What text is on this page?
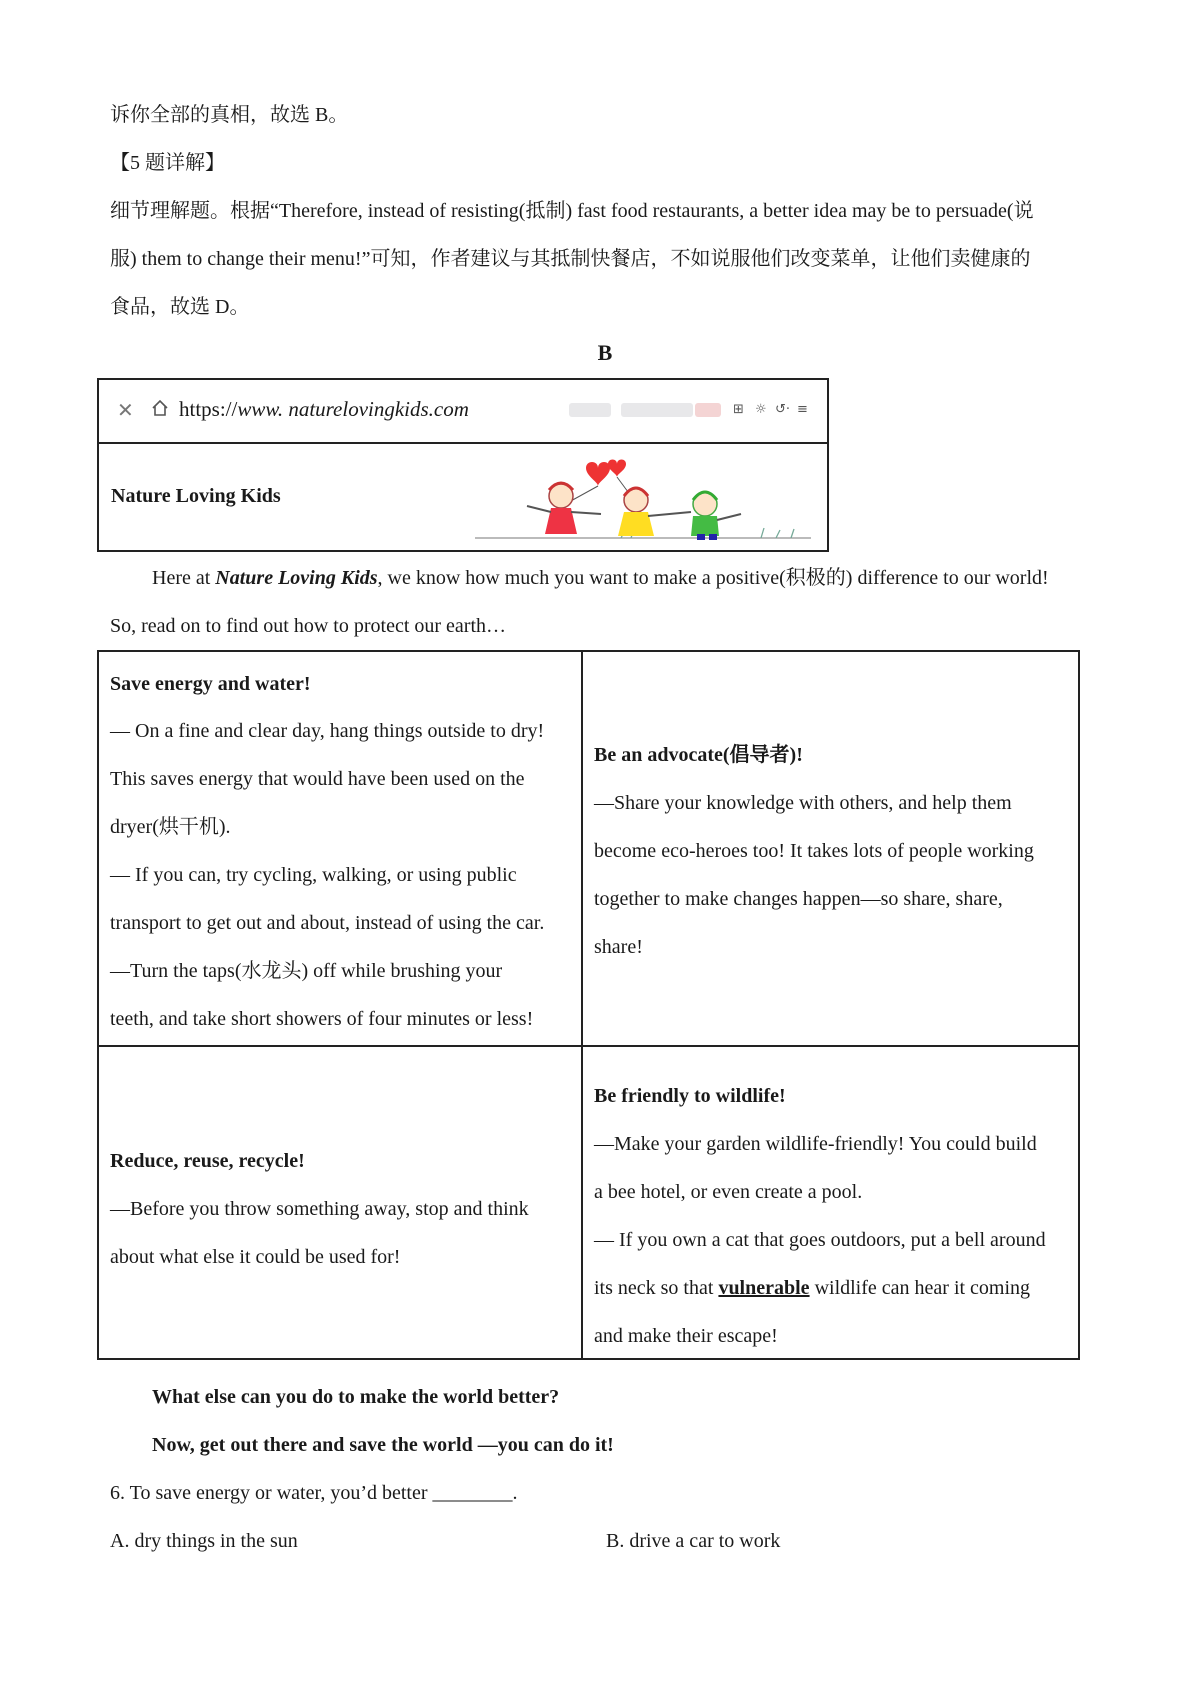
诉你全部的真相，故选 B。
【5 题详解】
细节理解题。根据“Therefore, instead of resisting(抵制) fast food restaurants, a better idea may be to persuade(说
服) them to change their menu!”可知，作者建议与其抵制快餐店，不如说服他们改变菜单，让他们卖健康的
食品，故选 D。
B
✕ https://www. naturelovingkids.com	⊞ ☼ ↺· ≡
Nature Loving Kids
Here at Nature Loving Kids, we know how much you want to make a positive(积极的) difference to our world!
So, read on to find out how to protect our earth…
Save energy and water!
— On a fine and clear day, hang things outside to dry!
This saves energy that would have been used on the
dryer(烘干机).
— If you can, try cycling, walking, or using public
transport to get out and about, instead of using the car.
—Turn the taps(水龙头) off while brushing your
teeth, and take short showers of four minutes or less!
Be an advocate(倡导者)!
—Share your knowledge with others, and help them
become eco-heroes too! It takes lots of people working
together to make changes happen—so share, share,
share!
Reduce, reuse, recycle!
—Before you throw something away, stop and think
about what else it could be used for!
Be friendly to wildlife!
—Make your garden wildlife-friendly! You could build
a bee hotel, or even create a pool.
— If you own a cat that goes outdoors, put a bell around
its neck so that vulnerable wildlife can hear it coming
and make their escape!
What else can you do to make the world better?
Now, get out there and save the world —you can do it!
6. To save energy or water, you’d better ________.
A. dry things in the sun	B. drive a car to work
